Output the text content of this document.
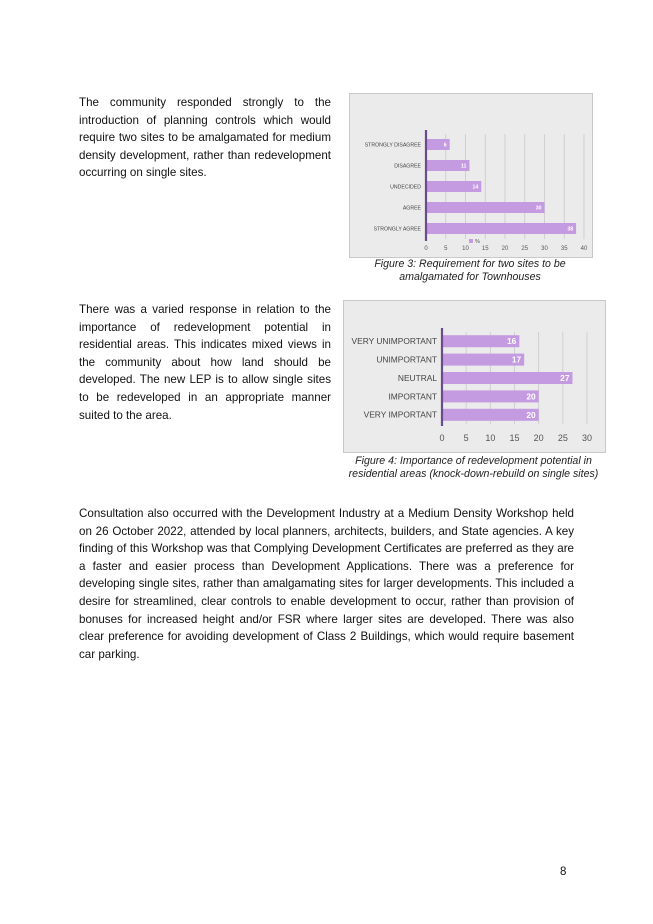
The community responded strongly to the introduction of planning controls which would require two sites to be amalgamated for medium density development, rather than redevelopment occurring on single sites.

0	5 10 15 20 25 30 35 40
STRONGLY DISAGREE	6
DISAGREE	11
UNDECIDED	14
AGREE	30
STRONGLY AGREE	38
%

Figure 3: Requirement for two sites to be amalgamated for Townhouses

There was a varied response in relation to the importance of redevelopment potential in residential areas. This indicates mixed views in the community about how land should be developed. The new LEP is to allow single sites to be redeveloped in an appropriate manner suited to the area.

0 5 10 15 20 25 30
VERY UNIMPORTANT	16
UNIMPORTANT	17
NEUTRAL	27
IMPORTANT	20
VERY IMPORTANT	20

Figure 4: Importance of redevelopment potential in residential areas (knock-down-rebuild on single sites)

Consultation also occurred with the Development Industry at a Medium Density Workshop held on 26 October 2022, attended by local planners, architects, builders, and State agencies. A key finding of this Workshop was that Complying Development Certificates are preferred as they are a faster and easier process than Development Applications. There was a preference for developing single sites, rather than amalgamating sites for larger developments. This included a desire for streamlined, clear controls to enable development to occur, rather than provision of bonuses for increased height and/or FSR where larger sites are developed. There was also clear preference for avoiding development of Class 2 Buildings, which would require basement car parking.

8
